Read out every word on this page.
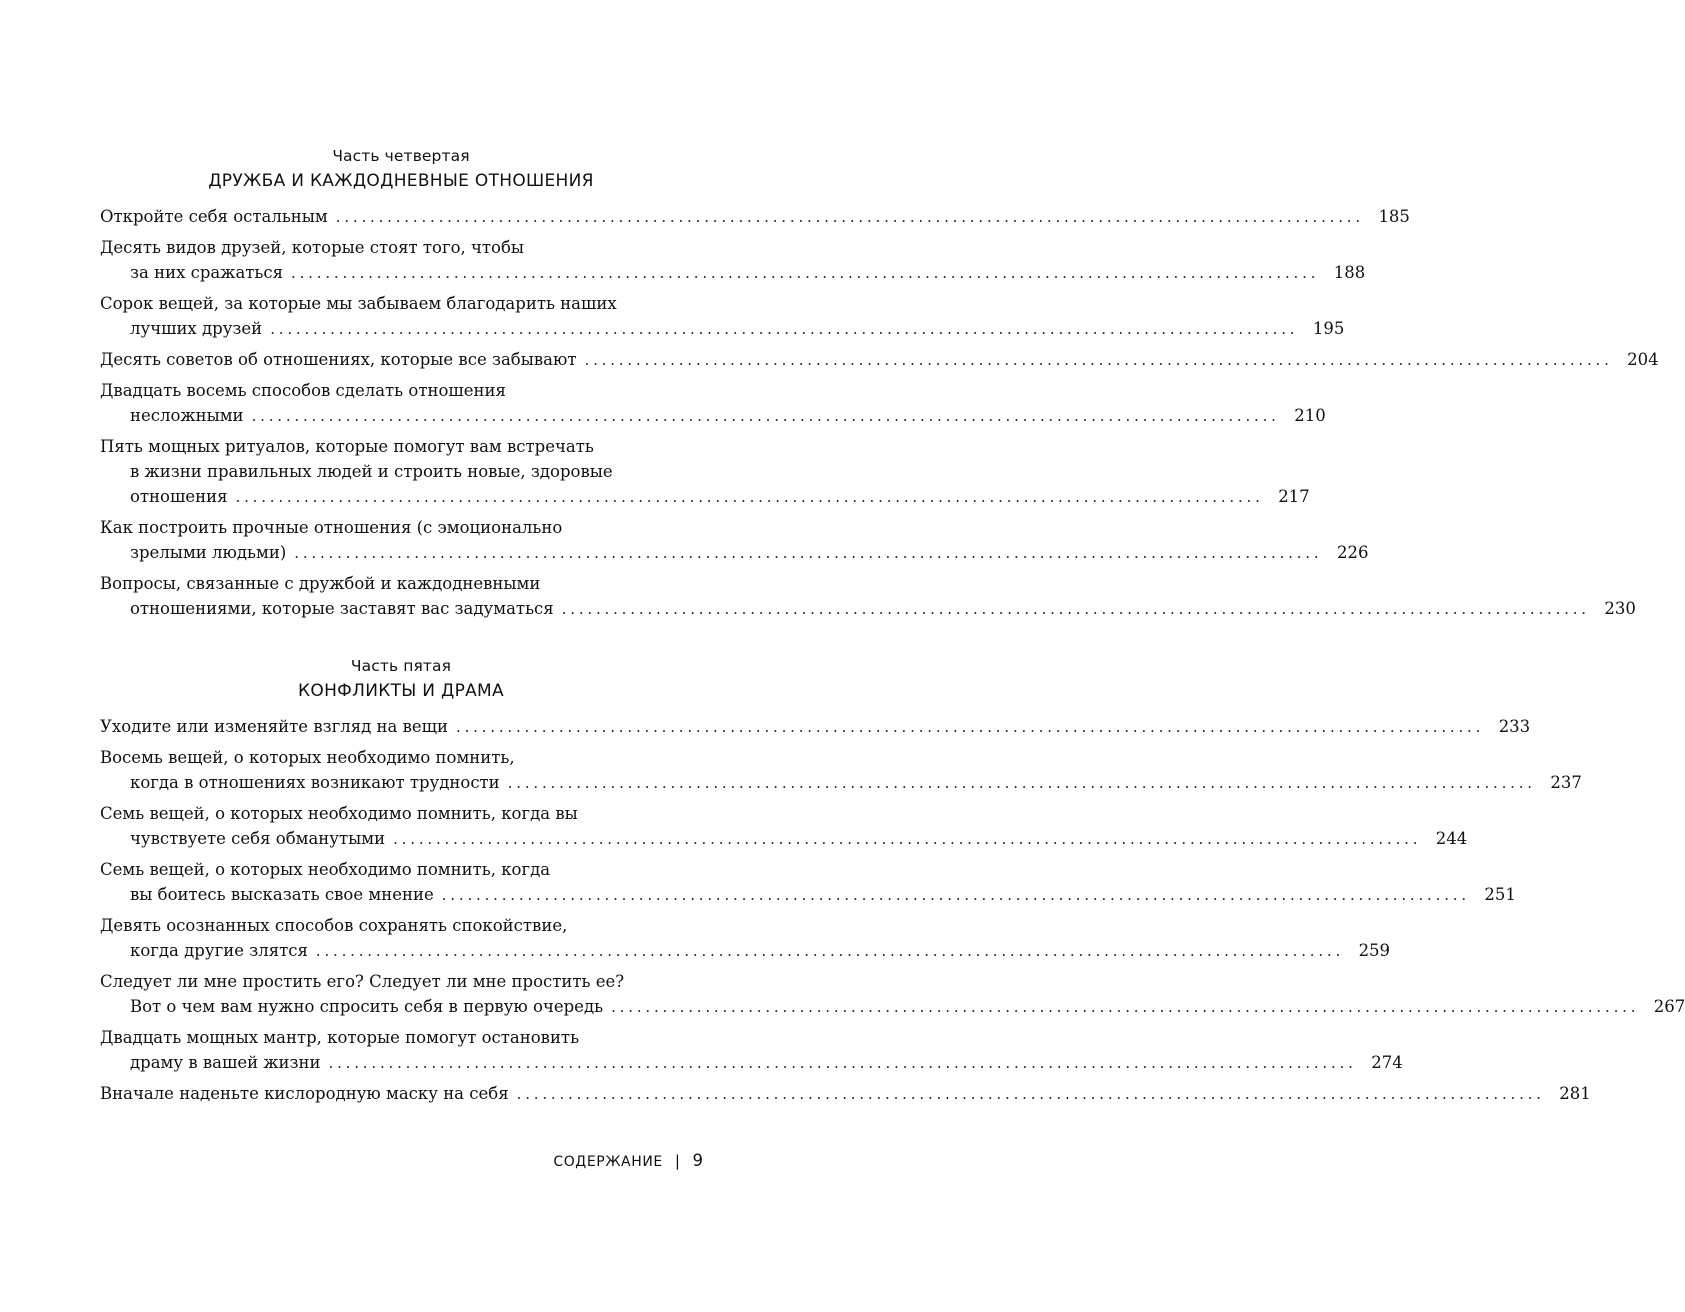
Часть четвертая
ДРУЖБА И КАЖДОДНЕВНЫЕ ОТНОШЕНИЯ
Откройте себя остальным ........................................................................................................................ 185
Десять видов друзей, которые стоят того, чтобы
за них сражаться ........................................................................................................................ 188
Сорок вещей, за которые мы забываем благодарить наших
лучших друзей ........................................................................................................................ 195
Десять советов об отношениях, которые все забывают ........................................................................................................................ 204
Двадцать восемь способов сделать отношения
несложными ........................................................................................................................ 210
Пять мощных ритуалов, которые помогут вам встречать
в жизни правильных людей и строить новые, здоровые
отношения ........................................................................................................................ 217
Как построить прочные отношения (с эмоционально
зрелыми людьми) ........................................................................................................................ 226
Вопросы, связанные с дружбой и каждодневными
отношениями, которые заставят вас задуматься ........................................................................................................................ 230
Часть пятая
КОНФЛИКТЫ И ДРАМА
Уходите или изменяйте взгляд на вещи ........................................................................................................................ 233
Восемь вещей, о которых необходимо помнить,
когда в отношениях возникают трудности ........................................................................................................................ 237
Семь вещей, о которых необходимо помнить, когда вы
чувствуете себя обманутыми ........................................................................................................................ 244
Семь вещей, о которых необходимо помнить, когда
вы боитесь высказать свое мнение ........................................................................................................................ 251
Девять осознанных способов сохранять спокойствие,
когда другие злятся ........................................................................................................................ 259
Следует ли мне простить его? Следует ли мне простить ее?
Вот о чем вам нужно спросить себя в первую очередь ........................................................................................................................ 267
Двадцать мощных мантр, которые помогут остановить
драму в вашей жизни ........................................................................................................................ 274
Вначале наденьте кислородную маску на себя ........................................................................................................................ 281
СОДЕРЖАНИЕ | 9
